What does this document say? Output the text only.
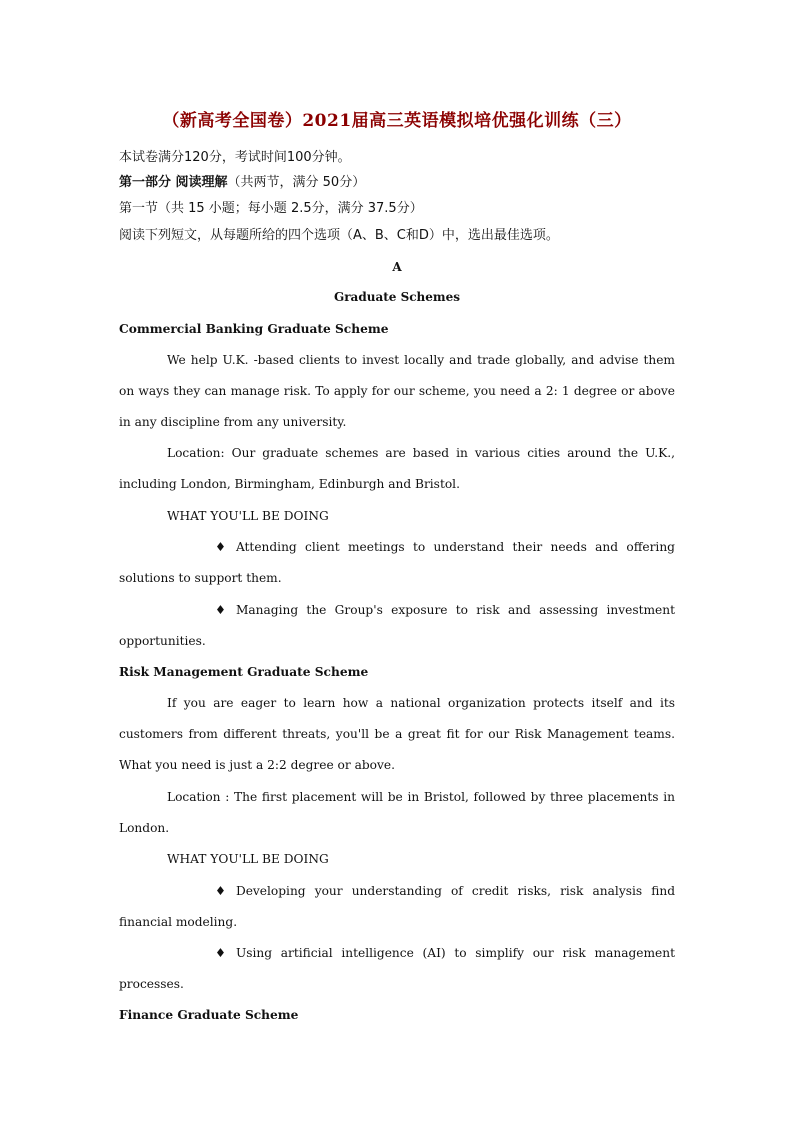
（新高考全国卷）2021届高三英语模拟培优强化训练（三）
本试卷满分120分，考试时间100分钟。
第一部分 阅读理解（共两节，满分 50分）
第一节（共 15 小题；每小题 2.5分，满分 37.5分）
阅读下列短文，从每题所给的四个选项（A、B、C和D）中，选出最佳选项。
A
Graduate Schemes
Commercial Banking Graduate Scheme
We help U.K. -based clients to invest locally and trade globally, and advise them on ways they can manage risk. To apply for our scheme, you need a 2: 1 degree or above in any discipline from any university.
Location: Our graduate schemes are based in various cities around the U.K., including London, Birmingham, Edinburgh and Bristol.
WHAT YOU'LL BE DOING
♦ Attending client meetings to understand their needs and offering solutions to support them.
♦ Managing the Group's exposure to risk and assessing investment opportunities.
Risk Management Graduate Scheme
If you are eager to learn how a national organization protects itself and its customers from different threats, you'll be a great fit for our Risk Management teams. What you need is just a 2:2 degree or above.
Location : The first placement will be in Bristol, followed by three placements in London.
WHAT YOU'LL BE DOING
♦ Developing your understanding of credit risks, risk analysis find financial modeling.
♦ Using artificial intelligence (AI) to simplify our risk management processes.
Finance Graduate Scheme
